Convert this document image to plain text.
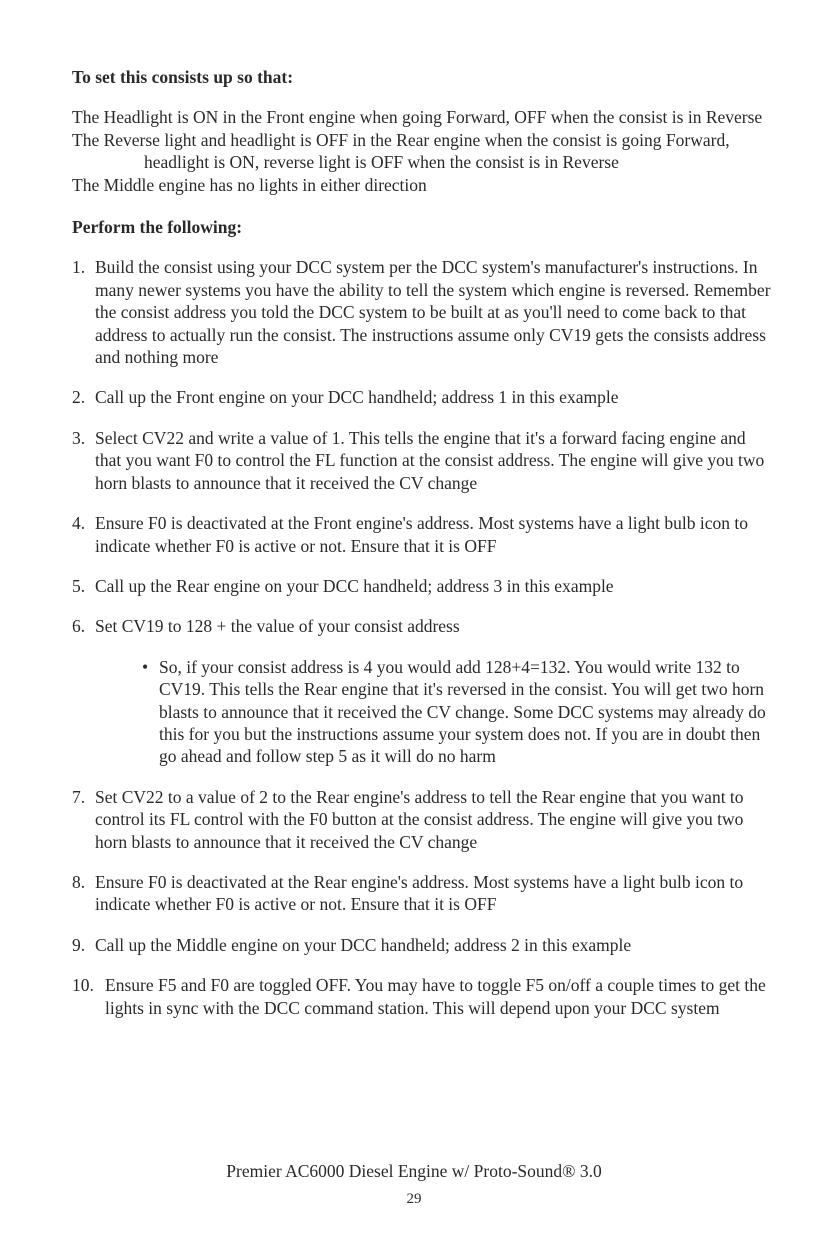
To set this consists up so that:

The Headlight is ON in the Front engine when going Forward, OFF when the consist is in Reverse

The Reverse light and headlight is OFF in the Rear engine when the consist is going Forward, headlight is ON, reverse light is OFF when the consist is in Reverse

The Middle engine has no lights in either direction

Perform the following:

1. Build the consist using your DCC system per the DCC system's manufacturer's instructions. In many newer systems you have the ability to tell the system which engine is reversed. Remember the consist address you told the DCC system to be built at as you'll need to come back to that address to actually run the consist. The instructions assume only CV19 gets the consists address and nothing more
2. Call up the Front engine on your DCC handheld; address 1 in this example
3. Select CV22 and write a value of 1. This tells the engine that it's a forward facing engine and that you want F0 to control the FL function at the consist address. The engine will give you two horn blasts to announce that it received the CV change
4. Ensure F0 is deactivated at the Front engine's address. Most systems have a light bulb icon to indicate whether F0 is active or not. Ensure that it is OFF
5. Call up the Rear engine on your DCC handheld; address 3 in this example
6. Set CV19 to 128 + the value of your consist address
• So, if your consist address is 4 you would add 128+4=132. You would write 132 to CV19. This tells the Rear engine that it's reversed in the consist. You will get two horn blasts to announce that it received the CV change. Some DCC systems may already do this for you but the instructions assume your system does not. If you are in doubt then go ahead and follow step 5 as it will do no harm
7. Set CV22 to a value of 2 to the Rear engine's address to tell the Rear engine that you want to control its FL control with the F0 button at the consist address. The engine will give you two horn blasts to announce that it received the CV change
8. Ensure F0 is deactivated at the Rear engine's address. Most systems have a light bulb icon to indicate whether F0 is active or not. Ensure that it is OFF
9. Call up the Middle engine on your DCC handheld; address 2 in this example
10. Ensure F5 and F0 are toggled OFF. You may have to toggle F5 on/off a couple times to get the lights in sync with the DCC command station. This will depend upon your DCC system
Premier AC6000 Diesel Engine w/ Proto-Sound® 3.0
29
